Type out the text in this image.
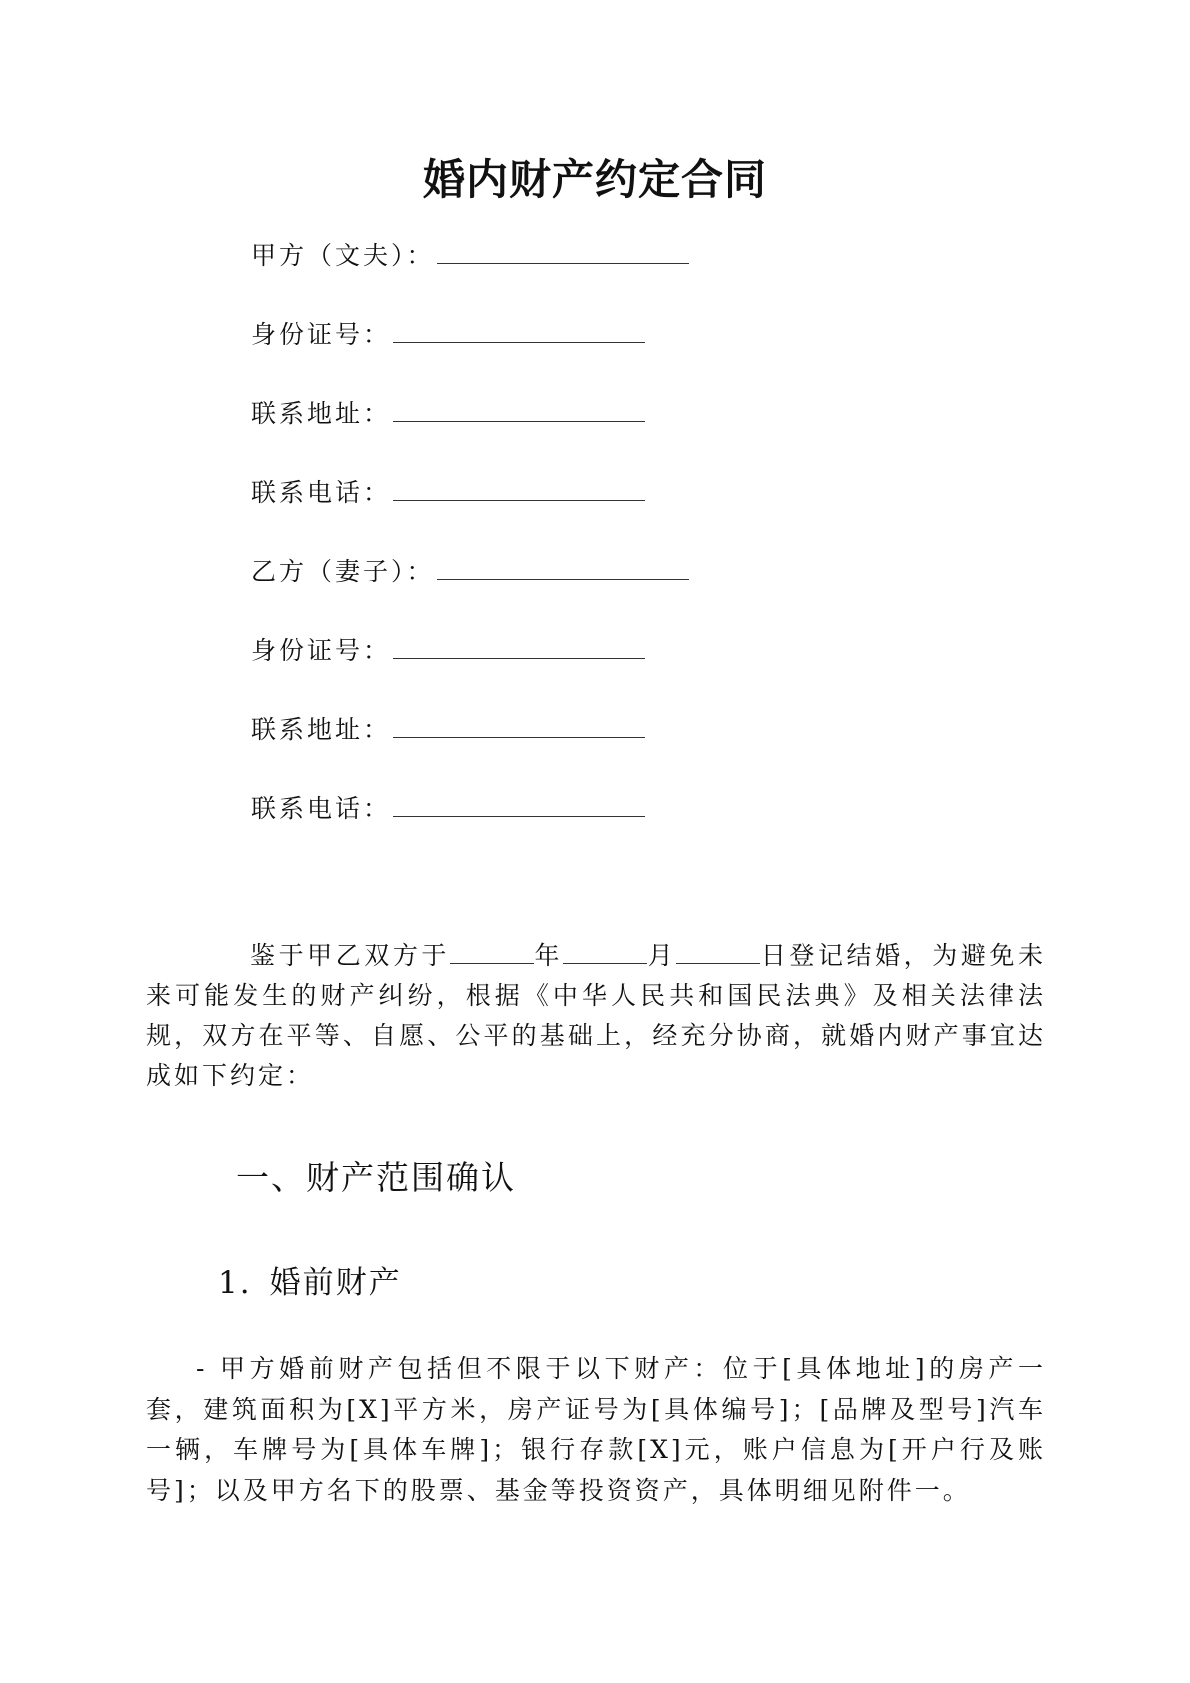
婚内财产约定合同
甲方（文夫）：
身份证号：
联系地址：
联系电话：
乙方（妻子）：
身份证号：
联系地址：
联系电话：
鉴于甲乙双方于	年	月	日登记结婚，为避免未来可能发生的财产纠纷，根据《中华人民共和国民法典》及相关法律法规，双方在平等、自愿、公平的基础上，经充分协商，就婚内财产事宜达成如下约定：
一、财产范围确认
1. 婚前财产
- 甲方婚前财产包括但不限于以下财产：位于[具体地址]的房产一套，建筑面积为[X]平方米，房产证号为[具体编号]；[品牌及型号]汽车一辆，车牌号为[具体车牌]；银行存款[X]元，账户信息为[开户行及账号]；以及甲方名下的股票、基金等投资资产，具体明细见附件一。
